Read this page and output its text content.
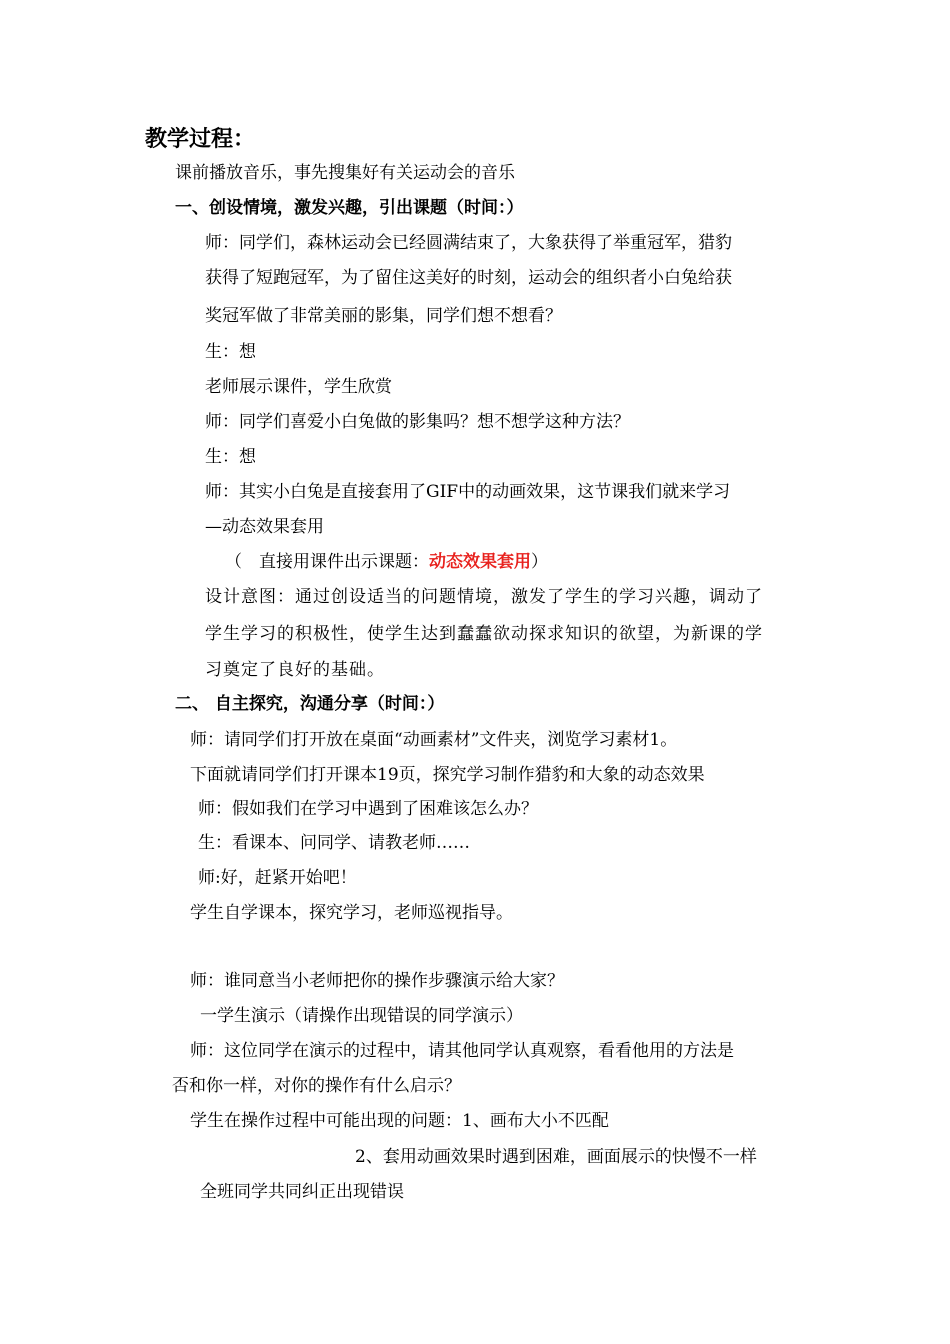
教学过程：
课前播放音乐，事先搜集好有关运动会的音乐
一、创设情境，激发兴趣，引出课题（时间：）
师：同学们，森林运动会已经圆满结束了，大象获得了举重冠军，猎豹
获得了短跑冠军，为了留住这美好的时刻，运动会的组织者小白兔给获
奖冠军做了非常美丽的影集，同学们想不想看？
生：想
老师展示课件，学生欣赏
师：同学们喜爱小白兔做的影集吗？想不想学这种方法？
生：想
师：其实小白兔是直接套用了GIF中的动画效果，这节课我们就来学习
—动态效果套用
（　直接用课件出示课题：动态效果套用）
设计意图：通过创设适当的问题情境，激发了学生的学习兴趣，调动了
学生学习的积极性，使学生达到蠢蠢欲动探求知识的欲望，为新课的学
习奠定了良好的基础。
二、 自主探究，沟通分享（时间：）
师：请同学们打开放在桌面“动画素材”文件夹，浏览学习素材1。
下面就请同学们打开课本19页，探究学习制作猎豹和大象的动态效果
师：假如我们在学习中遇到了困难该怎么办？
生：看课本、问同学、请教老师……
师:好，赶紧开始吧！
学生自学课本，探究学习，老师巡视指导。
师：谁同意当小老师把你的操作步骤演示给大家？
一学生演示（请操作出现错误的同学演示）
师：这位同学在演示的过程中，请其他同学认真观察，看看他用的方法是
否和你一样，对你的操作有什么启示？
学生在操作过程中可能出现的问题：1、画布大小不匹配
2、套用动画效果时遇到困难，画面展示的快慢不一样
全班同学共同纠正出现错误
